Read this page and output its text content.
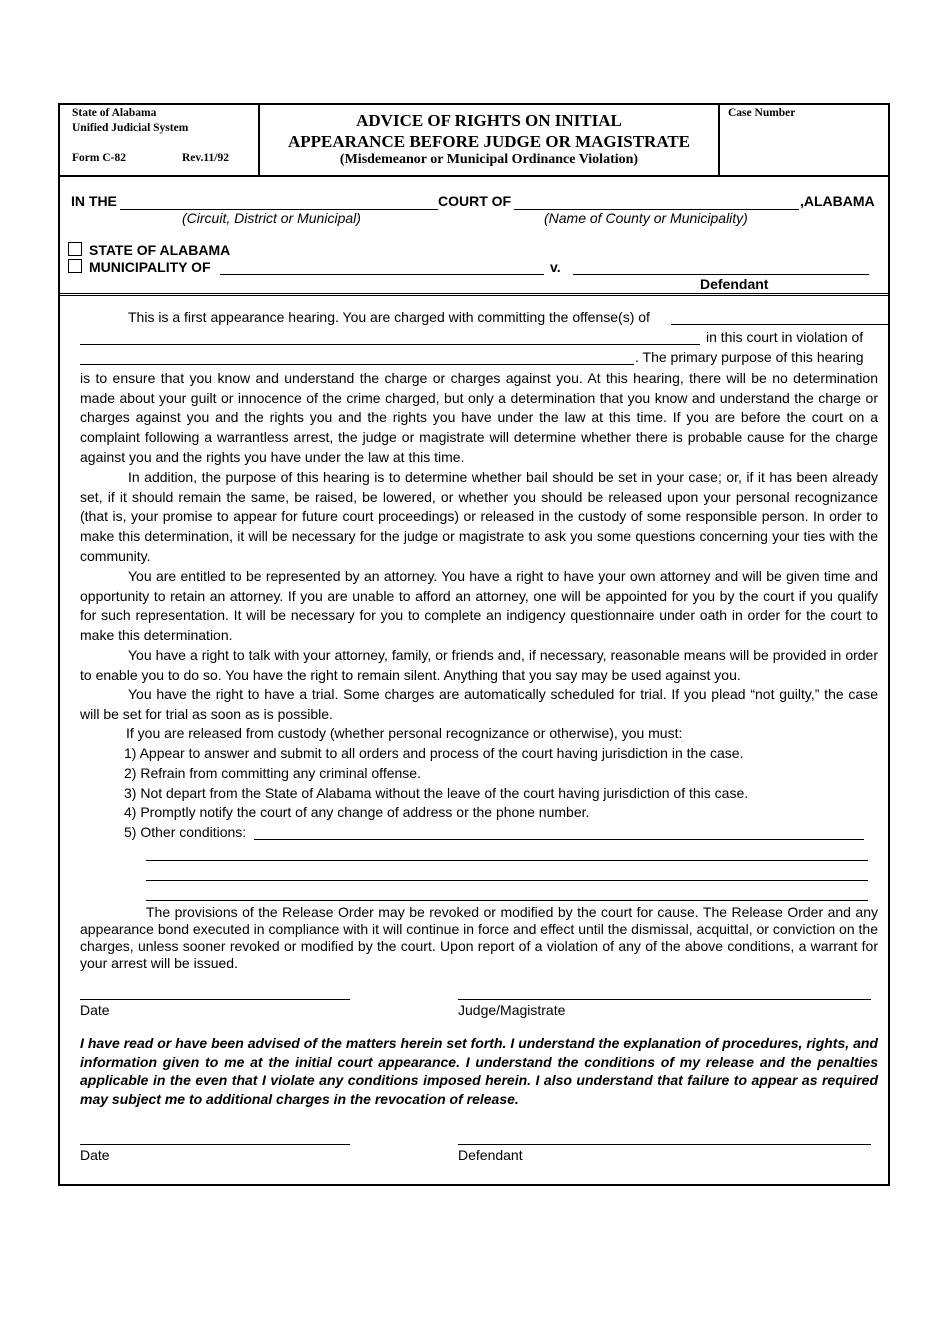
State of Alabama
Unified Judicial System
Form C-82	Rev.11/92
ADVICE OF RIGHTS ON INITIAL
APPEARANCE BEFORE JUDGE OR MAGISTRATE
(Misdemeanor or Municipal Ordinance Violation)
Case Number
IN THE	COURT OF	,ALABAMA
(Circuit, District or Municipal)	(Name of County or Municipality)
STATE OF ALABAMA
MUNICIPALITY OF	v.
Defendant
This is a first appearance hearing. You are charged with committing the offense(s) of
in this court in violation of
. The primary purpose of this hearing
is to ensure that you know and understand the charge or charges against you. At this hearing, there will be no determination made about your guilt or innocence of the crime charged, but only a determination that you know and understand the charge or charges against you and the rights you and the rights you have under the law at this time. If you are before the court on a complaint following a warrantless arrest, the judge or magistrate will determine whether there is probable cause for the charge against you and the rights you have under the law at this time.
In addition, the purpose of this hearing is to determine whether bail should be set in your case; or, if it has been already set, if it should remain the same, be raised, be lowered, or whether you should be released upon your personal recognizance (that is, your promise to appear for future court proceedings) or released in the custody of some responsible person. In order to make this determination, it will be necessary for the judge or magistrate to ask you some questions concerning your ties with the community.
You are entitled to be represented by an attorney. You have a right to have your own attorney and will be given time and opportunity to retain an attorney. If you are unable to afford an attorney, one will be appointed for you by the court if you qualify for such representation. It will be necessary for you to complete an indigency questionnaire under oath in order for the court to make this determination.
You have a right to talk with your attorney, family, or friends and, if necessary, reasonable means will be provided in order to enable you to do so. You have the right to remain silent. Anything that you say may be used against you.
You have the right to have a trial. Some charges are automatically scheduled for trial. If you plead “not guilty,” the case will be set for trial as soon as is possible.
If you are released from custody (whether personal recognizance or otherwise), you must:
1) Appear to answer and submit to all orders and process of the court having jurisdiction in the case.
2) Refrain from committing any criminal offense.
3) Not depart from the State of Alabama without the leave of the court having jurisdiction of this case.
4) Promptly notify the court of any change of address or the phone number.
5) Other conditions:
The provisions of the Release Order may be revoked or modified by the court for cause. The Release Order and any appearance bond executed in compliance with it will continue in force and effect until the dismissal, acquittal, or conviction on the charges, unless sooner revoked or modified by the court. Upon report of a violation of any of the above conditions, a warrant for your arrest will be issued.
Date	Judge/Magistrate
I have read or have been advised of the matters herein set forth. I understand the explanation of procedures, rights, and information given to me at the initial court appearance. I understand the conditions of my release and the penalties applicable in the even that I violate any conditions imposed herein. I also understand that failure to appear as required may subject me to additional charges in the revocation of release.
Date	Defendant
